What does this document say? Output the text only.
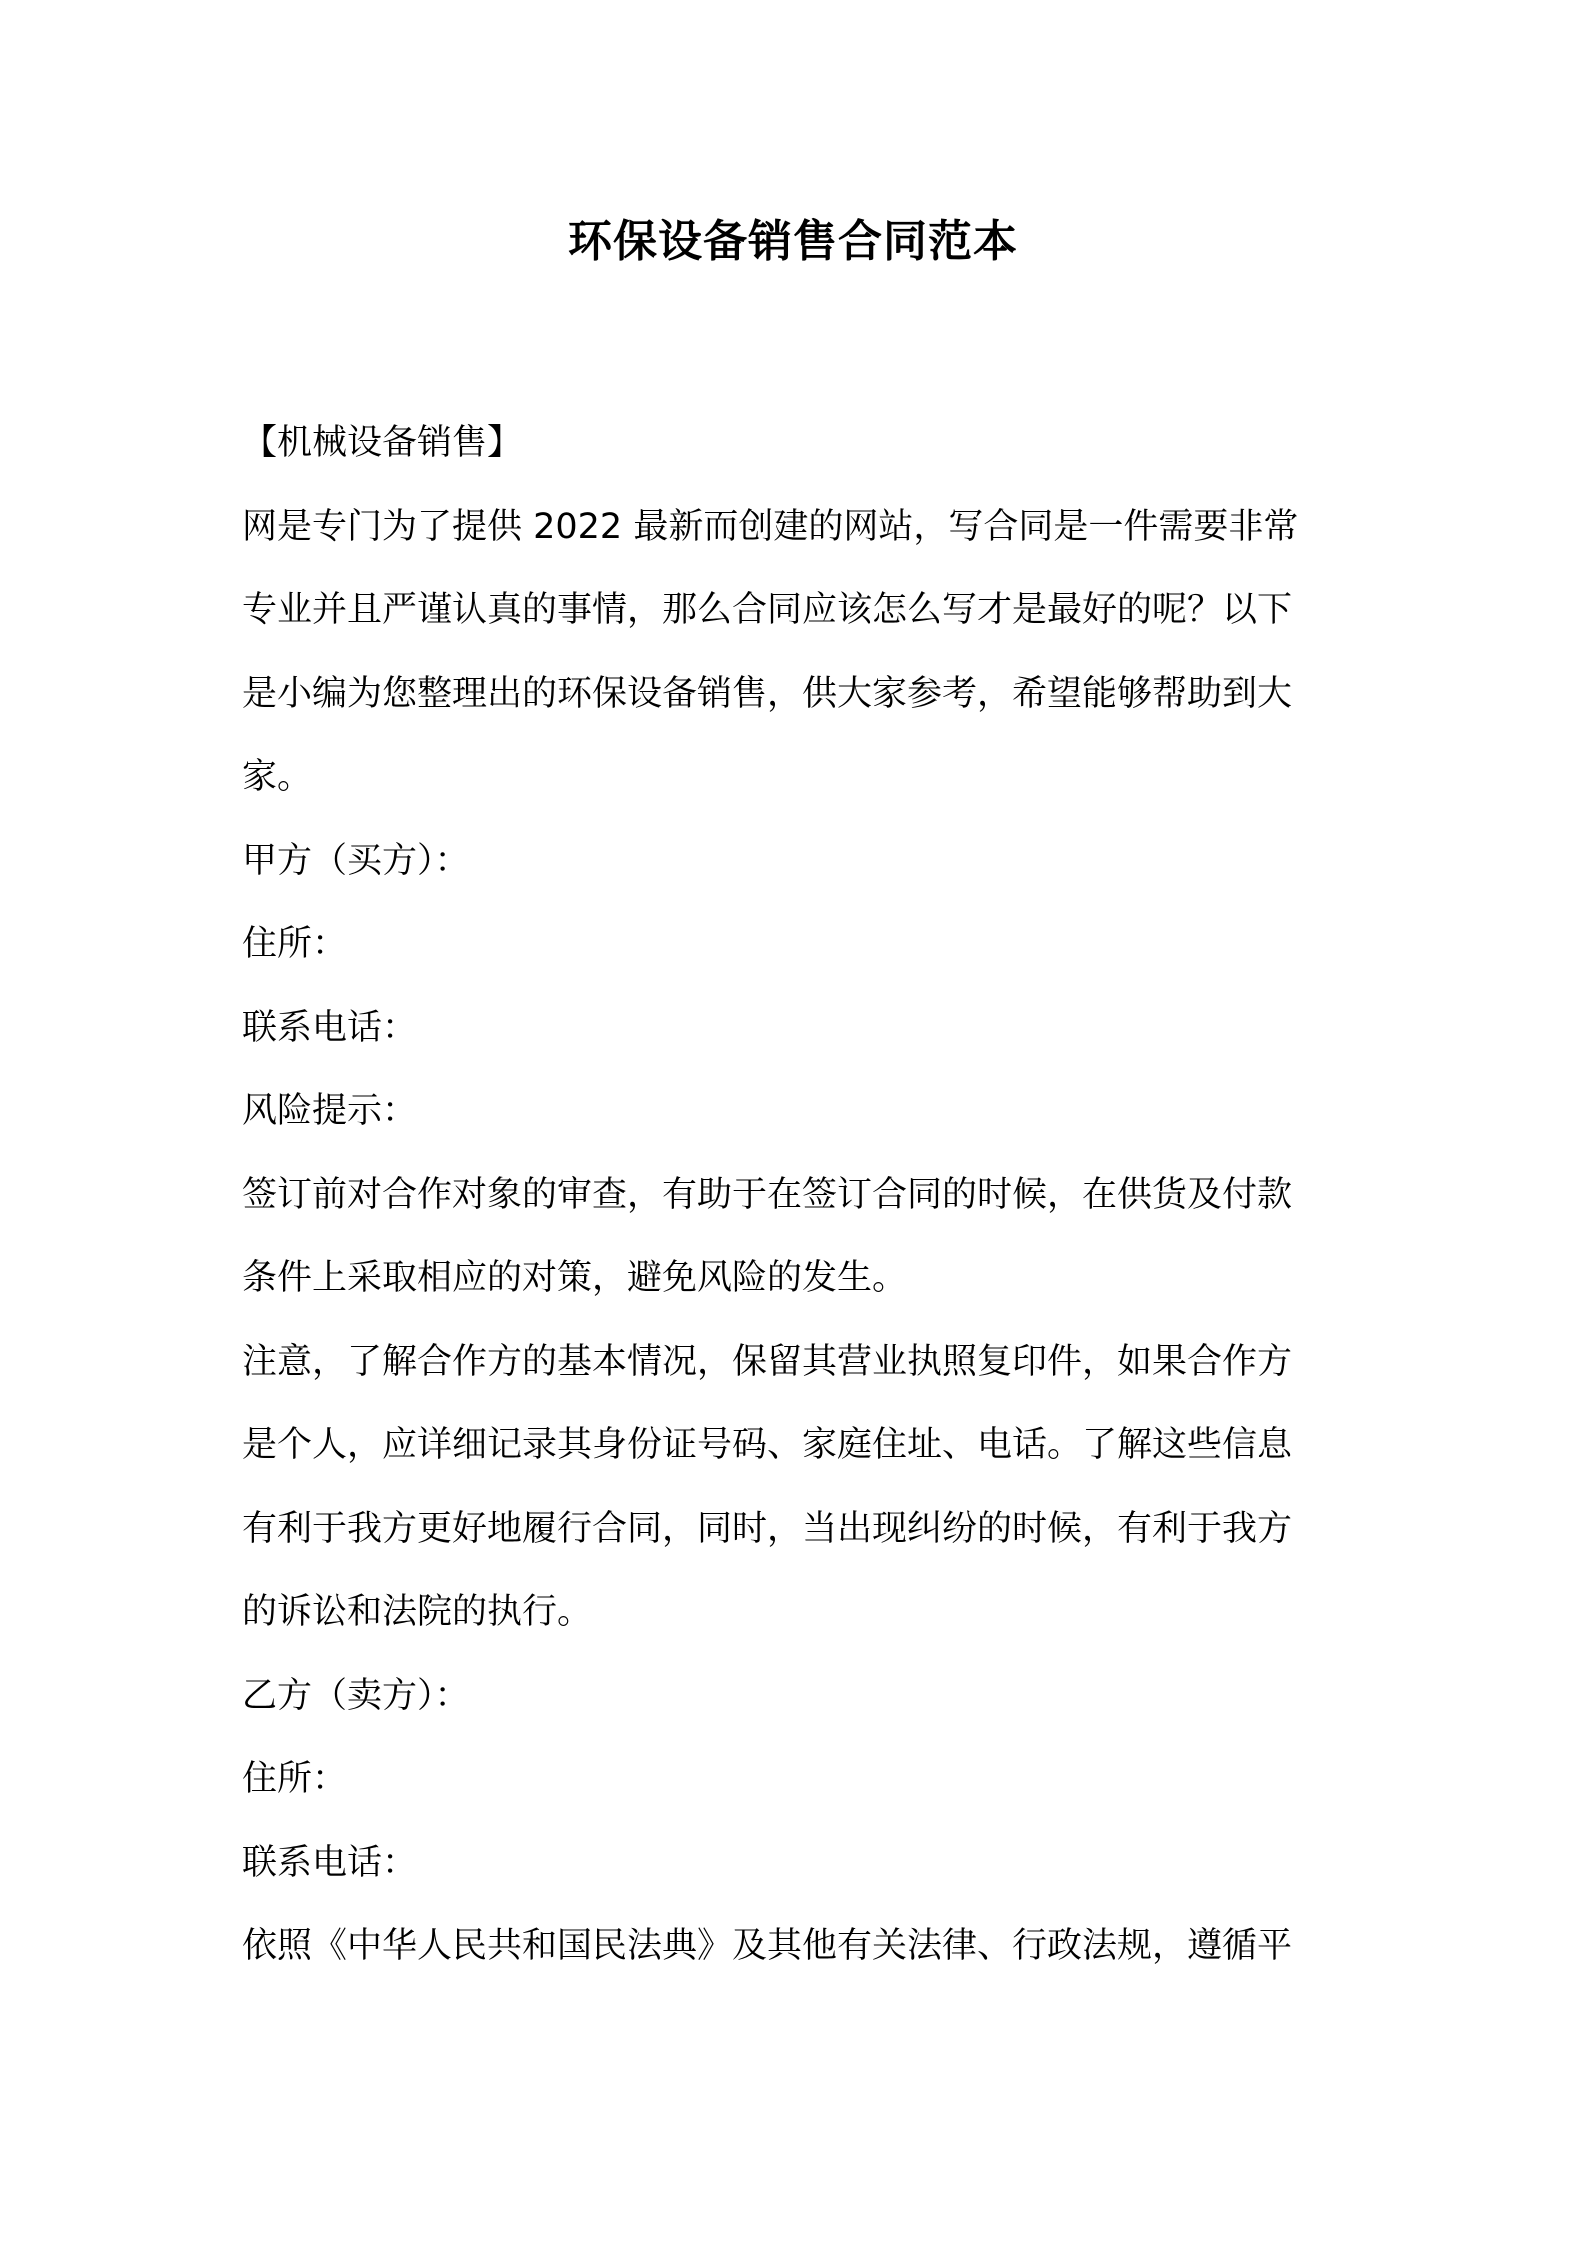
环保设备销售合同范本

【机械设备销售】

网是专门为了提供 2022 最新而创建的网站，写合同是一件需要非常

专业并且严谨认真的事情，那么合同应该怎么写才是最好的呢？以下

是小编为您整理出的环保设备销售，供大家参考，希望能够帮助到大

家。

甲方（买方）：

住所：

联系电话：

风险提示：

签订前对合作对象的审查，有助于在签订合同的时候，在供货及付款

条件上采取相应的对策，避免风险的发生。

注意，了解合作方的基本情况，保留其营业执照复印件，如果合作方

是个人，应详细记录其身份证号码、家庭住址、电话。了解这些信息

有利于我方更好地履行合同，同时，当出现纠纷的时候，有利于我方

的诉讼和法院的执行。

乙方（卖方）：

住所：

联系电话：

依照《中华人民共和国民法典》及其他有关法律、行政法规，遵循平
